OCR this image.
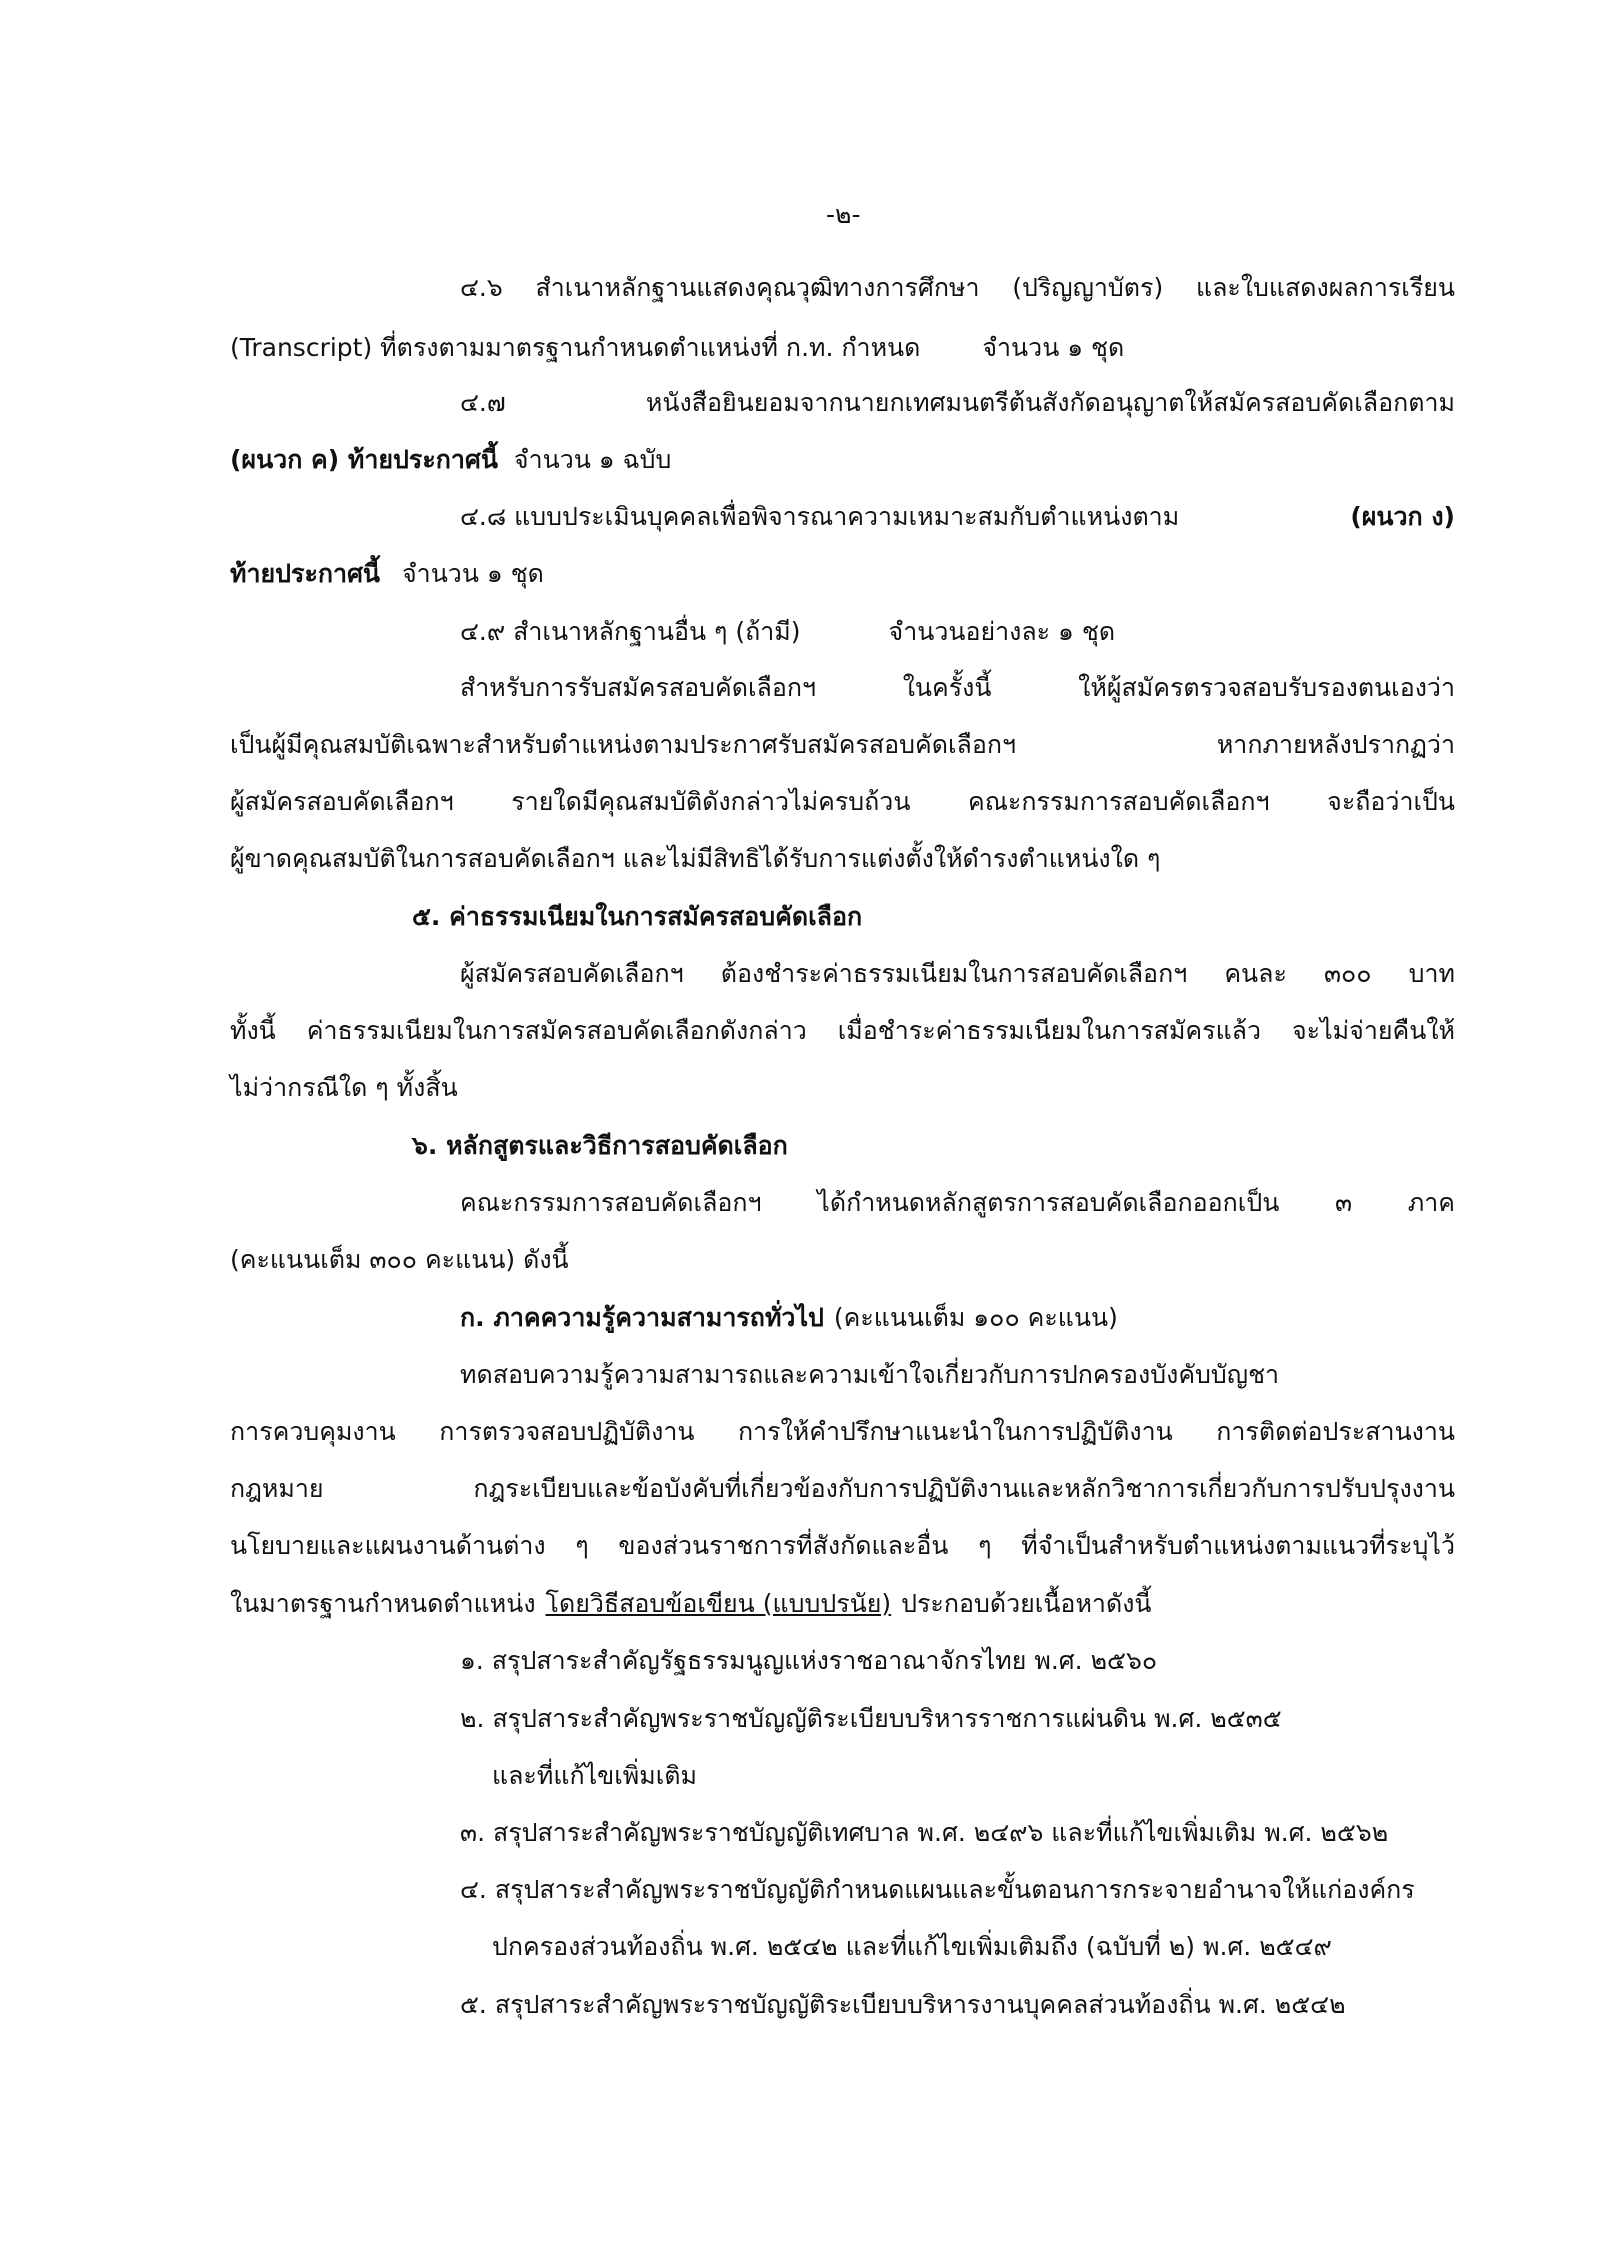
-๒-
๔.๖ สำเนาหลักฐานแสดงคุณวุฒิทางการศึกษา (ปริญญาบัตร) และใบแสดงผลการเรียน
(Transcript) ที่ตรงตามมาตรฐานกำหนดตำแหน่งที่ ก.ท. กำหนด จำนวน ๑ ชุด
๔.๗ หนังสือยินยอมจากนายกเทศมนตรีต้นสังกัดอนุญาตให้สมัครสอบคัดเลือกตาม
(ผนวก ค) ท้ายประกาศนี้ จำนวน ๑ ฉบับ
๔.๘ แบบประเมินบุคคลเพื่อพิจารณาความเหมาะสมกับตำแหน่งตาม	(ผนวก ง)
ท้ายประกาศนี้ จำนวน ๑ ชุด
๔.๙ สำเนาหลักฐานอื่น ๆ (ถ้ามี)	จำนวนอย่างละ ๑ ชุด
สำหรับการรับสมัครสอบคัดเลือกฯ ในครั้งนี้ ให้ผู้สมัครตรวจสอบรับรองตนเองว่า
เป็นผู้มีคุณสมบัติเฉพาะสำหรับตำแหน่งตามประกาศรับสมัครสอบคัดเลือกฯ หากภายหลังปรากฏว่า
ผู้สมัครสอบคัดเลือกฯ รายใดมีคุณสมบัติดังกล่าวไม่ครบถ้วน คณะกรรมการสอบคัดเลือกฯ จะถือว่าเป็น
ผู้ขาดคุณสมบัติในการสอบคัดเลือกฯ และไม่มีสิทธิได้รับการแต่งตั้งให้ดำรงตำแหน่งใด ๆ
๕. ค่าธรรมเนียมในการสมัครสอบคัดเลือก
ผู้สมัครสอบคัดเลือกฯ ต้องชำระค่าธรรมเนียมในการสอบคัดเลือกฯ คนละ ๓๐๐ บาท
ทั้งนี้ ค่าธรรมเนียมในการสมัครสอบคัดเลือกดังกล่าว เมื่อชำระค่าธรรมเนียมในการสมัครแล้ว จะไม่จ่ายคืนให้
ไม่ว่ากรณีใด ๆ ทั้งสิ้น
๖. หลักสูตรและวิธีการสอบคัดเลือก
คณะกรรมการสอบคัดเลือกฯ ได้กำหนดหลักสูตรการสอบคัดเลือกออกเป็น ๓ ภาค
(คะแนนเต็ม ๓๐๐ คะแนน) ดังนี้
ก. ภาคความรู้ความสามารถทั่วไป (คะแนนเต็ม ๑๐๐ คะแนน)
ทดสอบความรู้ความสามารถและความเข้าใจเกี่ยวกับการปกครองบังคับบัญชา
การควบคุมงาน การตรวจสอบปฏิบัติงาน การให้คำปรึกษาแนะนำในการปฏิบัติงาน การติดต่อประสานงาน
กฎหมาย กฎระเบียบและข้อบังคับที่เกี่ยวข้องกับการปฏิบัติงานและหลักวิชาการเกี่ยวกับการปรับปรุงงาน
นโยบายและแผนงานด้านต่าง ๆ ของส่วนราชการที่สังกัดและอื่น ๆ ที่จำเป็นสำหรับตำแหน่งตามแนวที่ระบุไว้
ในมาตรฐานกำหนดตำแหน่ง โดยวิธีสอบข้อเขียน (แบบปรนัย) ประกอบด้วยเนื้อหาดังนี้
๑. สรุปสาระสำคัญรัฐธรรมนูญแห่งราชอาณาจักรไทย พ.ศ. ๒๕๖๐
๒. สรุปสาระสำคัญพระราชบัญญัติระเบียบบริหารราชการแผ่นดิน พ.ศ. ๒๕๓๕
และที่แก้ไขเพิ่มเติม
๓. สรุปสาระสำคัญพระราชบัญญัติเทศบาล พ.ศ. ๒๔๙๖ และที่แก้ไขเพิ่มเติม พ.ศ. ๒๕๖๒
๔. สรุปสาระสำคัญพระราชบัญญัติกำหนดแผนและขั้นตอนการกระจายอำนาจให้แก่องค์กร
ปกครองส่วนท้องถิ่น พ.ศ. ๒๕๔๒ และที่แก้ไขเพิ่มเติมถึง (ฉบับที่ ๒) พ.ศ. ๒๕๔๙
๕. สรุปสาระสำคัญพระราชบัญญัติระเบียบบริหารงานบุคคลส่วนท้องถิ่น พ.ศ. ๒๕๔๒
